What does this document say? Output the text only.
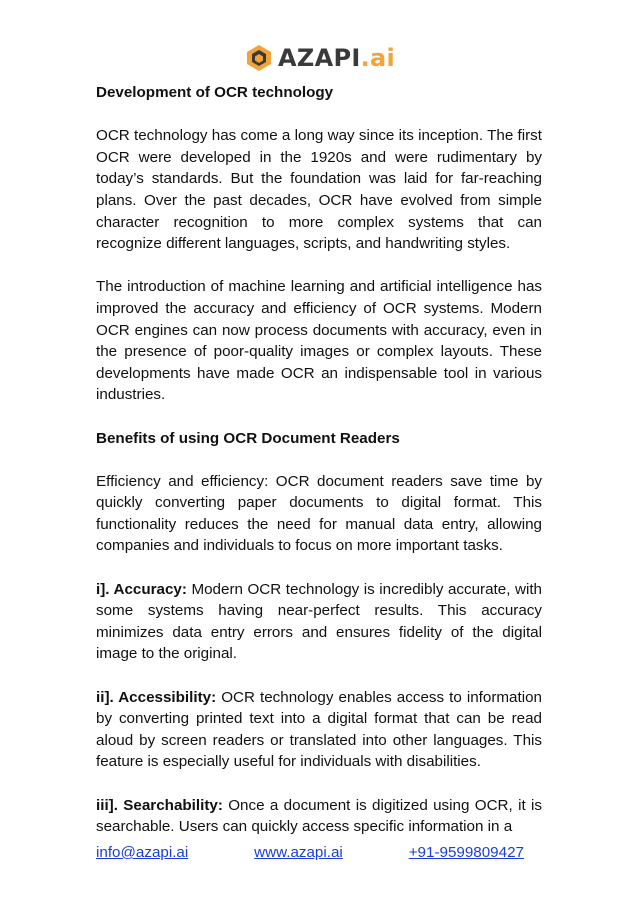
AZAPI.ai

Development of OCR technology

OCR technology has come a long way since its inception. The first OCR were developed in the 1920s and were rudimentary by today’s standards. But the foundation was laid for far-reaching plans. Over the past decades, OCR have evolved from simple character recognition to more complex systems that can recognize different languages, scripts, and handwriting styles.

The introduction of machine learning and artificial intelligence has improved the accuracy and efficiency of OCR systems. Modern OCR engines can now process documents with accuracy, even in the presence of poor-quality images or complex layouts. These developments have made OCR an indispensable tool in various industries.

Benefits of using OCR Document Readers

Efficiency and efficiency: OCR document readers save time by quickly converting paper documents to digital format. This functionality reduces the need for manual data entry, allowing companies and individuals to focus on more important tasks.

i]. Accuracy: Modern OCR technology is incredibly accurate, with some systems having near-perfect results. This accuracy minimizes data entry errors and ensures fidelity of the digital image to the original.

ii]. Accessibility: OCR technology enables access to information by converting printed text into a digital format that can be read aloud by screen readers or translated into other languages. This feature is especially useful for individuals with disabilities.

iii]. Searchability: Once a document is digitized using OCR, it is searchable. Users can quickly access specific information in a

info@azapi.ai	www.azapi.ai	+91-9599809427
